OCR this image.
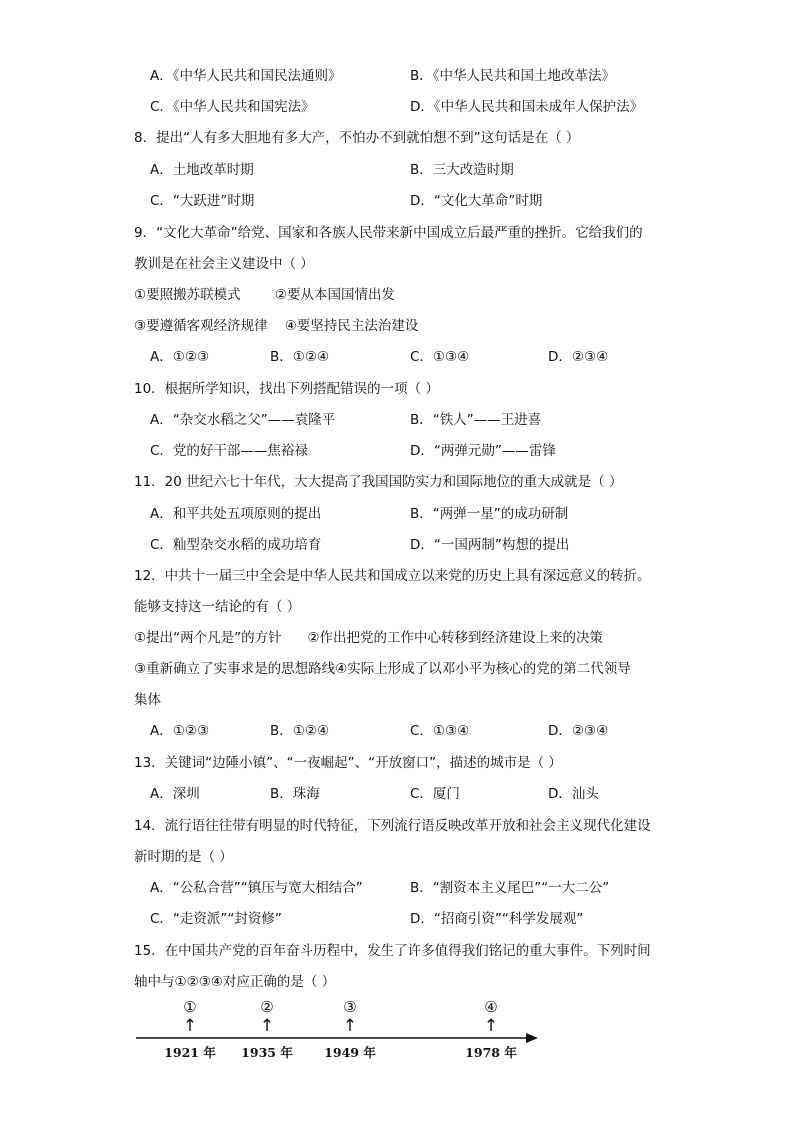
A．《中华人民共和国民法通则》	B．《中华人民共和国土地改革法》
C．《中华人民共和国宪法》	D．《中华人民共和国未成年人保护法》
8．提出“人有多大胆地有多大产，不怕办不到就怕想不到”这句话是在（ ）
A．土地改革时期	B．三大改造时期
C．“大跃进”时期	D．“文化大革命”时期
9．“文化大革命”给党、国家和各族人民带来新中国成立后最严重的挫折。它给我们的
教训是在社会主义建设中（ ）
①要照搬苏联模式        ②要从本国国情出发
③要遵循客观经济规律    ④要坚持民主法治建设
A．①②③	B．①②④	C．①③④	D．②③④
10．根据所学知识，找出下列搭配错误的一项（ ）
A．“杂交水稻之父”——袁隆平	B．“铁人”——王进喜
C．党的好干部——焦裕禄	D．“两弹元勋”——雷锋
11．20 世纪六七十年代，大大提高了我国国防实力和国际地位的重大成就是（ ）
A．和平共处五项原则的提出	B．“两弹一星”的成功研制
C．籼型杂交水稻的成功培育	D．“一国两制”构想的提出
12．中共十一届三中全会是中华人民共和国成立以来党的历史上具有深远意义的转折。
能够支持这一结论的有（ ）
①提出“两个凡是”的方针      ②作出把党的工作中心转移到经济建设上来的决策
③重新确立了实事求是的思想路线④实际上形成了以邓小平为核心的党的第二代领导
集体
A．①②③	B．①②④	C．①③④	D．②③④
13．关键词“边陲小镇”、“一夜崛起”、“开放窗口”，描述的城市是（ ）
A．深圳	B．珠海	C．厦门	D．汕头
14．流行语往往带有明显的时代特征，下列流行语反映改革开放和社会主义现代化建设
新时期的是（ ）
A．“公私合营”“镇压与宽大相结合”	B．“割资本主义尾巴”“一大二公”
C．“走资派”“封资修”	D．“招商引资”“科学发展观”
15．在中国共产党的百年奋斗历程中，发生了许多值得我们铭记的重大事件。下列时间
轴中与①②③④对应正确的是（ ）
①
↑
1921 年
②
↑
1935 年
③
↑
1949 年
④
↑
1978 年
